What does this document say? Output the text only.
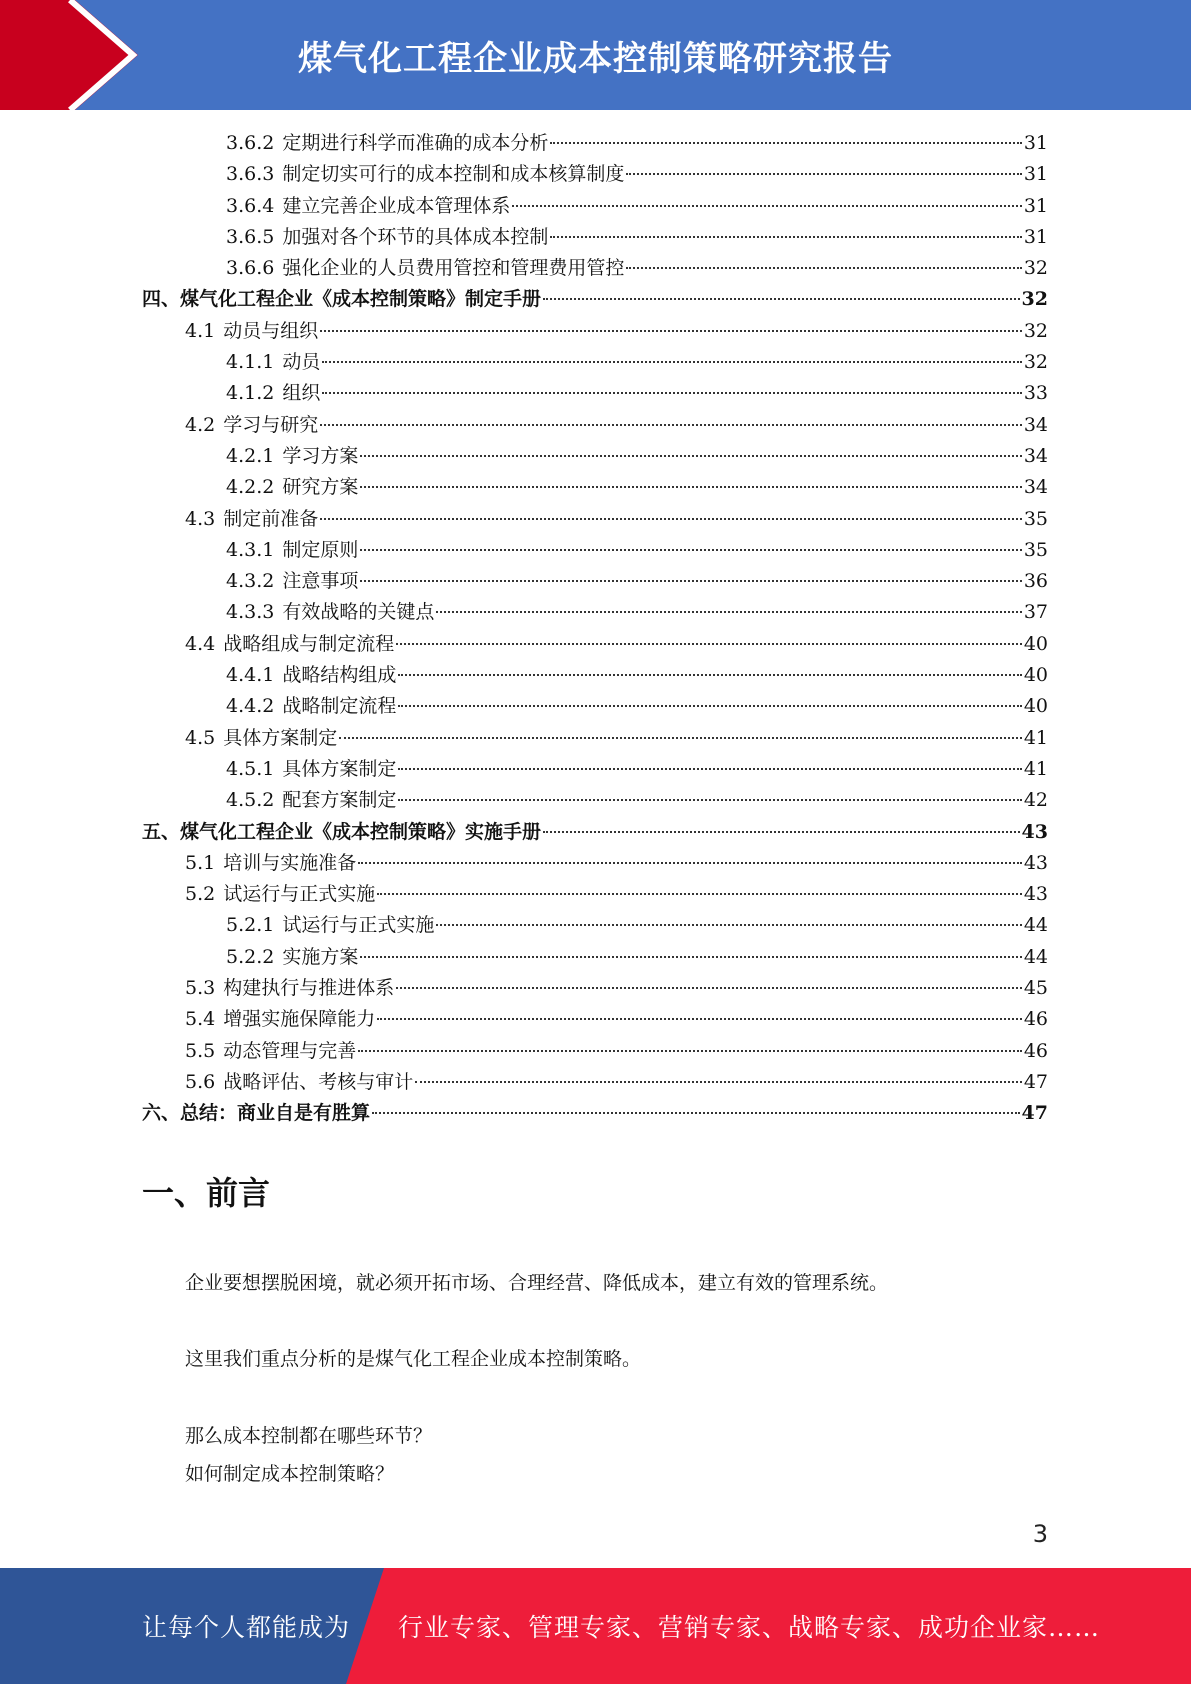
煤气化工程企业成本控制策略研究报告
3.6.2 定期进行科学而准确的成本分析	31
3.6.3 制定切实可行的成本控制和成本核算制度	31
3.6.4 建立完善企业成本管理体系	31
3.6.5 加强对各个环节的具体成本控制	31
3.6.6 强化企业的人员费用管控和管理费用管控	32
四、煤气化工程企业《成本控制策略》制定手册	32
4.1 动员与组织	32
4.1.1 动员	32
4.1.2 组织	33
4.2 学习与研究	34
4.2.1 学习方案	34
4.2.2 研究方案	34
4.3 制定前准备	35
4.3.1 制定原则	35
4.3.2 注意事项	36
4.3.3 有效战略的关键点	37
4.4 战略组成与制定流程	40
4.4.1 战略结构组成	40
4.4.2 战略制定流程	40
4.5 具体方案制定	41
4.5.1 具体方案制定	41
4.5.2 配套方案制定	42
五、煤气化工程企业《成本控制策略》实施手册	43
5.1 培训与实施准备	43
5.2 试运行与正式实施	43
5.2.1 试运行与正式实施	44
5.2.2 实施方案	44
5.3 构建执行与推进体系	45
5.4 增强实施保障能力	46
5.5 动态管理与完善	46
5.6 战略评估、考核与审计	47
六、总结：商业自是有胜算	47
一、前言
企业要想摆脱困境，就必须开拓市场、合理经营、降低成本，建立有效的管理系统。
这里我们重点分析的是煤气化工程企业成本控制策略。
那么成本控制都在哪些环节？
如何制定成本控制策略？
3
让每个人都能成为 行业专家、管理专家、营销专家、战略专家、成功企业家……
